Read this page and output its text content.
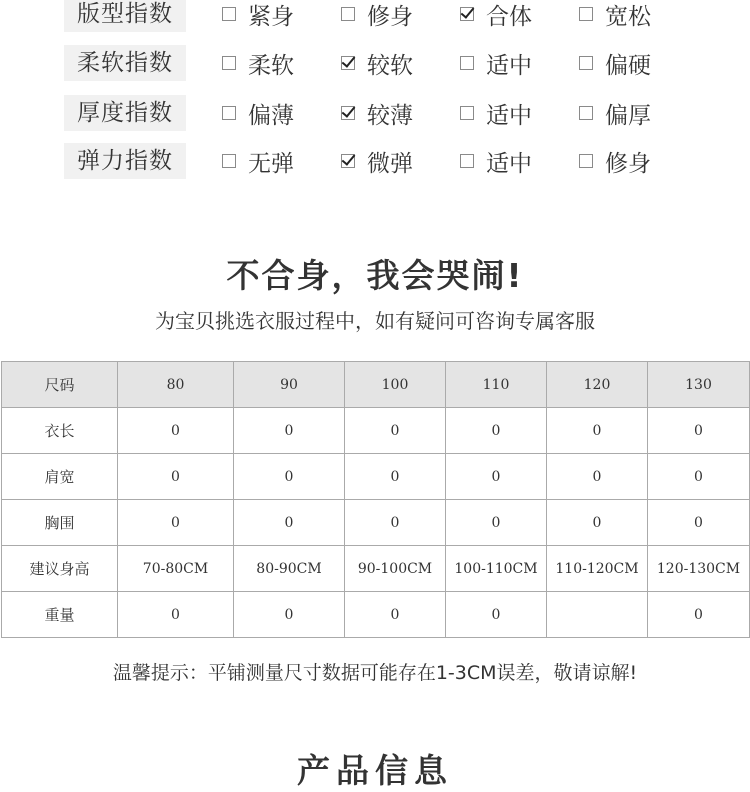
版型指数	紧身	修身	合体	宽松
柔软指数	柔软	较软	适中	偏硬
厚度指数	偏薄	较薄	适中	偏厚
弹力指数	无弹	微弹	适中	修身
不合身，我会哭闹!
为宝贝挑选衣服过程中，如有疑问可咨询专属客服
尺码	80	90	100	110	120	130
衣长	0	0	0	0	0	0
肩宽	0	0	0	0	0	0
胸围	0	0	0	0	0	0
建议身高	70-80CM	80-90CM	90-100CM	100-110CM	110-120CM	120-130CM
重量	0	0	0	0		0
温馨提示：平铺测量尺寸数据可能存在1-3CM误差，敬请谅解!
产品信息
